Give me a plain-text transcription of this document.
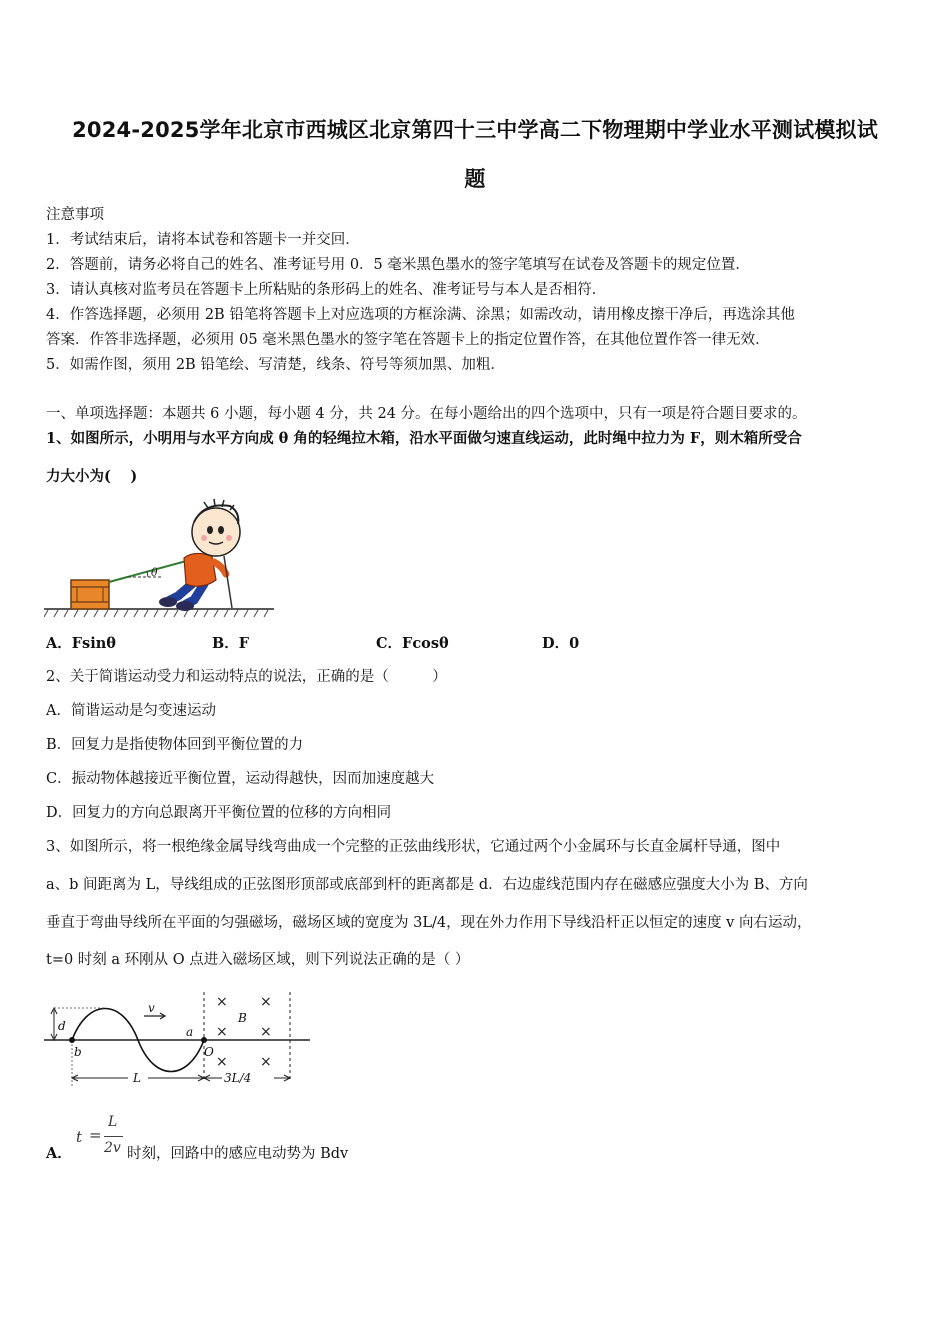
2024-2025学年北京市西城区北京第四十三中学高二下物理期中学业水平测试模拟试
题
注意事项
1．考试结束后，请将本试卷和答题卡一并交回．
2．答题前，请务必将自己的姓名、准考证号用 0．5 毫米黑色墨水的签字笔填写在试卷及答题卡的规定位置．
3．请认真核对监考员在答题卡上所粘贴的条形码上的姓名、准考证号与本人是否相符．
4．作答选择题，必须用 2B 铅笔将答题卡上对应选项的方框涂满、涂黑；如需改动，请用橡皮擦干净后，再选涂其他
答案．作答非选择题，必须用 05 毫米黑色墨水的签字笔在答题卡上的指定位置作答，在其他位置作答一律无效．
5．如需作图，须用 2B 铅笔绘、写清楚，线条、符号等须加黑、加粗．
一、单项选择题：本题共 6 小题，每小题 4 分，共 24 分。在每小题给出的四个选项中，只有一项是符合题目要求的。
1、如图所示，小明用与水平方向成 θ 角的轻绳拉木箱，沿水平面做匀速直线运动，此时绳中拉力为 F，则木箱所受合
力大小为(　 )
θ
A．Fsinθ	B．F	C．Fcosθ	D．0
2、关于简谐运动受力和运动特点的说法，正确的是（　　　）
A．简谐运动是匀变速运动
B．回复力是指使物体回到平衡位置的力
C．振动物体越接近平衡位置，运动得越快，因而加速度越大
D．回复力的方向总跟离开平衡位置的位移的方向相同
3、如图所示，将一根绝缘金属导线弯曲成一个完整的正弦曲线形状，它通过两个小金属环与长直金属杆导通，图中
a、b 间距离为 L，导线组成的正弦图形顶部或底部到杆的距离都是 d．右边虚线范围内存在磁感应强度大小为 B、方向
垂直于弯曲导线所在平面的匀强磁场，磁场区域的宽度为 3L/4，现在外力作用下导线沿杆正以恒定的速度 v 向右运动，
t=0 时刻 a 环刚从 O 点进入磁场区域，则下列说法正确的是（ ）
d
v
a
b	O
× ×
× ×
× ×
B
L	3L/4
A．
t =
L
2v 时刻，回路中的感应电动势为 Bdv
